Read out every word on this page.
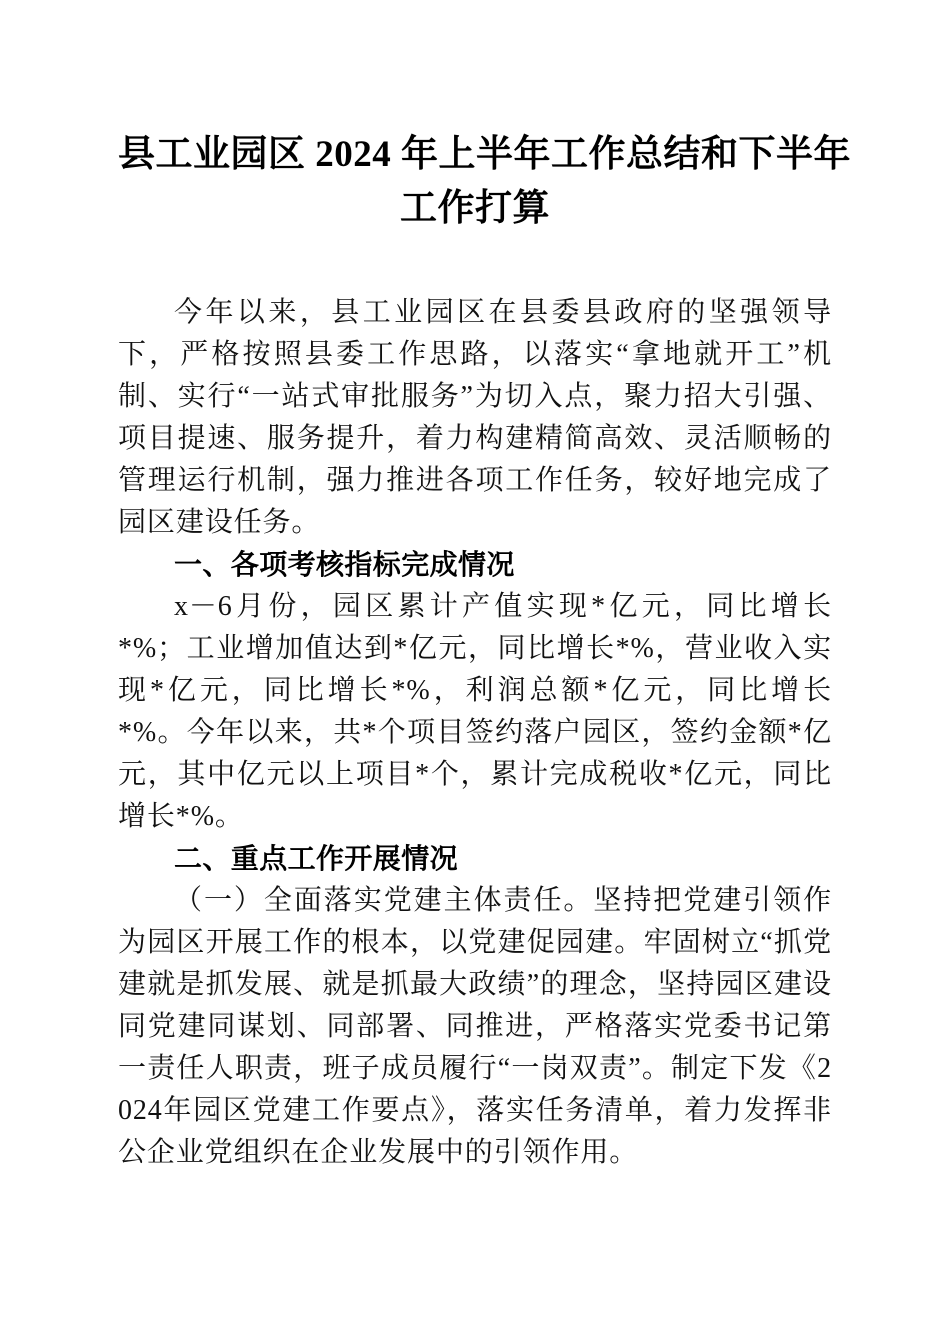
县工业园区 2024 年上半年工作总结和下半年
工作打算

今年以来，县工业园区在县委县政府的坚强领导下，严格按照县委工作思路，以落实“拿地就开工”机制、实行“一站式审批服务”为切入点，聚力招大引强、项目提速、服务提升，着力构建精简高效、灵活顺畅的管理运行机制，强力推进各项工作任务，较好地完成了园区建设任务。

一、各项考核指标完成情况

x－6月份，园区累计产值实现*亿元，同比增长*%；工业增加值达到*亿元，同比增长*%，营业收入实现*亿元，同比增长*%，利润总额*亿元，同比增长*%。今年以来，共*个项目签约落户园区，签约金额*亿元，其中亿元以上项目*个，累计完成税收*亿元，同比增长*%。

二、重点工作开展情况

（一）全面落实党建主体责任。坚持把党建引领作为园区开展工作的根本，以党建促园建。牢固树立“抓党建就是抓发展、就是抓最大政绩”的理念，坚持园区建设同党建同谋划、同部署、同推进，严格落实党委书记第一责任人职责，班子成员履行“一岗双责”。制定下发《2024年园区党建工作要点》，落实任务清单，着力发挥非公企业党组织在企业发展中的引领作用。
